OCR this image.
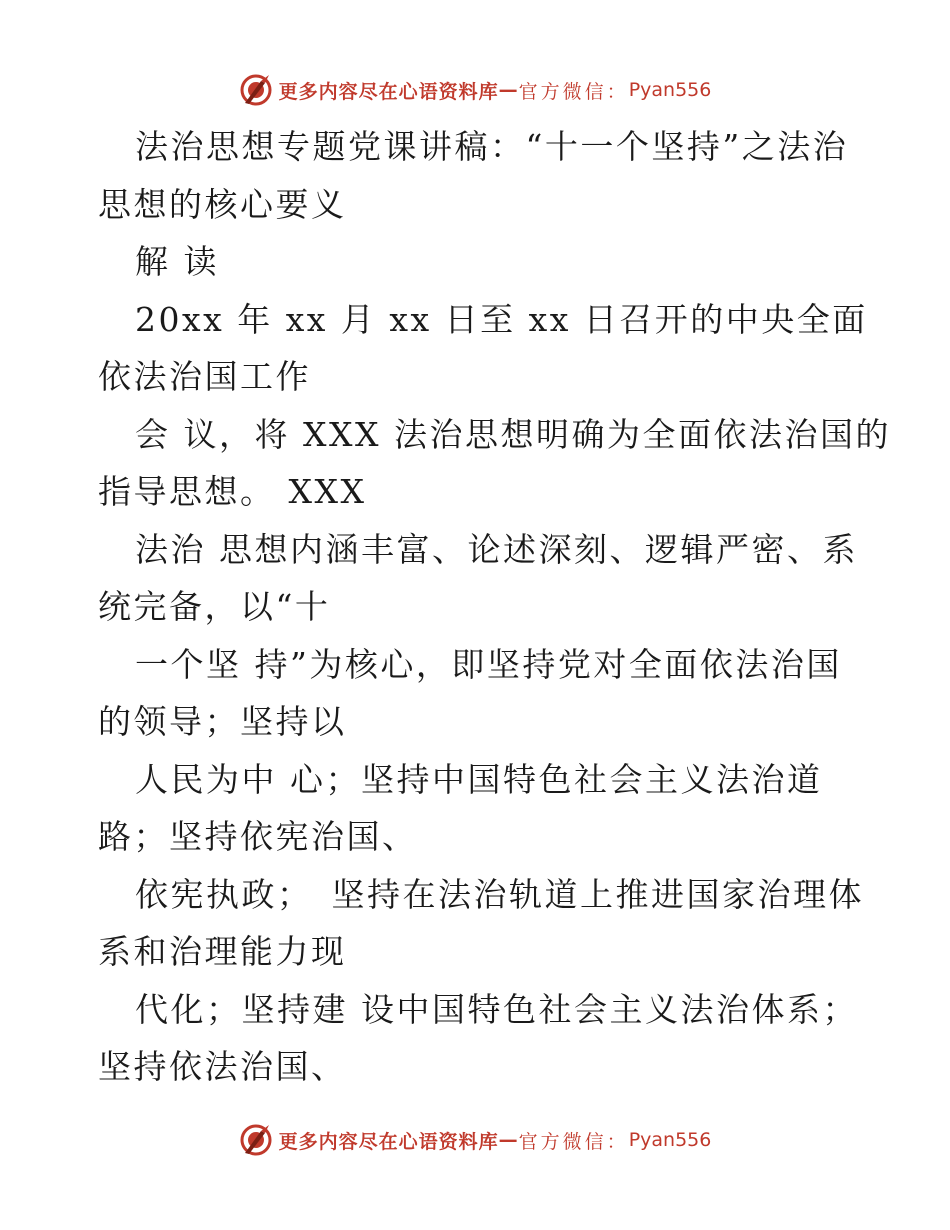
更多内容尽在心语资料库 — 官方微信： Pyan556
法治思想专题党课讲稿：“十一个坚持”之法治
思想的核心要义
解 读
20xx 年 xx 月 xx 日至 xx 日召开的中央全面
依法治国工作
会 议，将 XXX 法治思想明确为全面依法治国的
指导思想。 XXX
法治 思想内涵丰富、论述深刻、逻辑严密、系
统完备，以“十
一个坚 持”为核心，即坚持党对全面依法治国
的领导；坚持以
人民为中 心；坚持中国特色社会主义法治道
路；坚持依宪治国、
依宪执政；　坚持在法治轨道上推进国家治理体
系和治理能力现
代化；坚持建 设中国特色社会主义法治体系；
坚持依法治国、
更多内容尽在心语资料库 — 官方微信： Pyan556
